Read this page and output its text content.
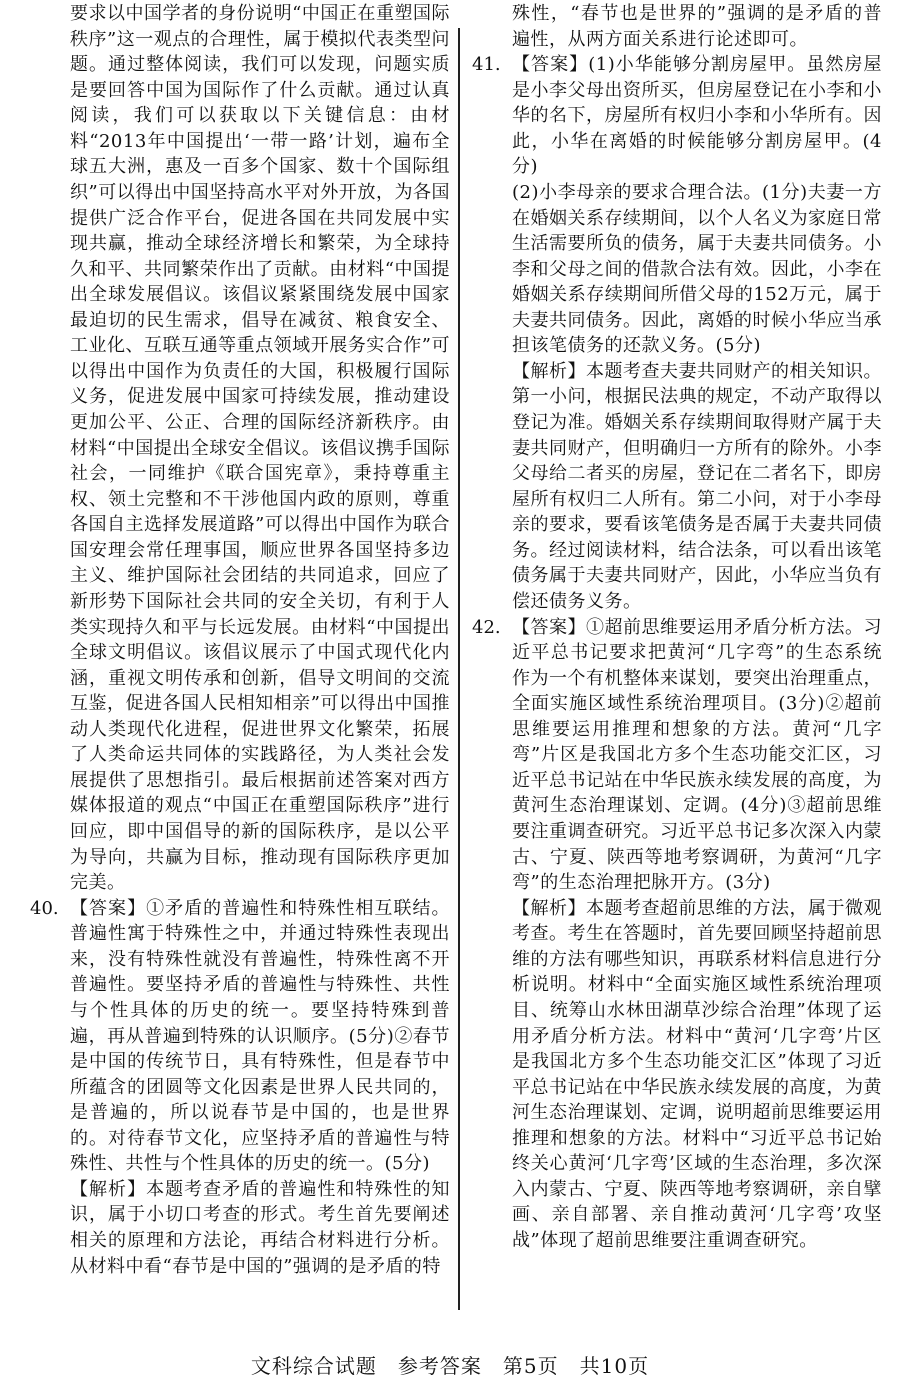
要求以中国学者的身份说明“中国正在重塑国际秩序”这一观点的合理性，属于模拟代表类型问题。通过整体阅读，我们可以发现，问题实质是要回答中国为国际作了什么贡献。通过认真阅读，我们可以获取以下关键信息：由材料“2013年中国提出‘一带一路’计划，遍布全球五大洲，惠及一百多个国家、数十个国际组织”可以得出中国坚持高水平对外开放，为各国提供广泛合作平台，促进各国在共同发展中实现共赢，推动全球经济增长和繁荣，为全球持久和平、共同繁荣作出了贡献。由材料“中国提出全球发展倡议。该倡议紧紧围绕发展中国家最迫切的民生需求，倡导在减贫、粮食安全、工业化、互联互通等重点领域开展务实合作”可以得出中国作为负责任的大国，积极履行国际义务，促进发展中国家可持续发展，推动建设更加公平、公正、合理的国际经济新秩序。由材料“中国提出全球安全倡议。该倡议携手国际社会，一同维护《联合国宪章》，秉持尊重主权、领土完整和不干涉他国内政的原则，尊重各国自主选择发展道路”可以得出中国作为联合国安理会常任理事国，顺应世界各国坚持多边主义、维护国际社会团结的共同追求，回应了新形势下国际社会共同的安全关切，有利于人类实现持久和平与长远发展。由材料“中国提出全球文明倡议。该倡议展示了中国式现代化内涵，重视文明传承和创新，倡导文明间的交流互鉴，促进各国人民相知相亲”可以得出中国推动人类现代化进程，促进世界文化繁荣，拓展了人类命运共同体的实践路径，为人类社会发展提供了思想指引。最后根据前述答案对西方媒体报道的观点“中国正在重塑国际秩序”进行回应，即中国倡导的新的国际秩序，是以公平为导向，共赢为目标，推动现有国际秩序更加完美。

40. 【答案】①矛盾的普遍性和特殊性相互联结。普遍性寓于特殊性之中，并通过特殊性表现出来，没有特殊性就没有普遍性，特殊性离不开普遍性。要坚持矛盾的普遍性与特殊性、共性与个性具体的历史的统一。要坚持特殊到普遍，再从普遍到特殊的认识顺序。(5分)②春节是中国的传统节日，具有特殊性，但是春节中所蕴含的团圆等文化因素是世界人民共同的，是普遍的，所以说春节是中国的，也是世界的。对待春节文化，应坚持矛盾的普遍性与特殊性、共性与个性具体的历史的统一。(5分)

【解析】本题考查矛盾的普遍性和特殊性的知识，属于小切口考查的形式。考生首先要阐述相关的原理和方法论，再结合材料进行分析。从材料中看“春节是中国的”强调的是矛盾的特

殊性，“春节也是世界的”强调的是矛盾的普遍性，从两方面关系进行论述即可。

41. 【答案】(1)小华能够分割房屋甲。虽然房屋是小李父母出资所买，但房屋登记在小李和小华的名下，房屋所有权归小李和小华所有。因此，小华在离婚的时候能够分割房屋甲。(4分)

(2)小李母亲的要求合理合法。(1分)夫妻一方在婚姻关系存续期间，以个人名义为家庭日常生活需要所负的债务，属于夫妻共同债务。小李和父母之间的借款合法有效。因此，小李在婚姻关系存续期间所借父母的152万元，属于夫妻共同债务。因此，离婚的时候小华应当承担该笔债务的还款义务。(5分)

【解析】本题考查夫妻共同财产的相关知识。第一小问，根据民法典的规定，不动产取得以登记为准。婚姻关系存续期间取得财产属于夫妻共同财产，但明确归一方所有的除外。小李父母给二者买的房屋，登记在二者名下，即房屋所有权归二人所有。第二小问，对于小李母亲的要求，要看该笔债务是否属于夫妻共同债务。经过阅读材料，结合法条，可以看出该笔债务属于夫妻共同财产，因此，小华应当负有偿还债务义务。

42. 【答案】①超前思维要运用矛盾分析方法。习近平总书记要求把黄河“几字弯”的生态系统作为一个有机整体来谋划，要突出治理重点，全面实施区域性系统治理项目。(3分)②超前思维要运用推理和想象的方法。黄河“几字弯”片区是我国北方多个生态功能交汇区，习近平总书记站在中华民族永续发展的高度，为黄河生态治理谋划、定调。(4分)③超前思维要注重调查研究。习近平总书记多次深入内蒙古、宁夏、陕西等地考察调研，为黄河“几字弯”的生态治理把脉开方。(3分)

【解析】本题考查超前思维的方法，属于微观考查。考生在答题时，首先要回顾坚持超前思维的方法有哪些知识，再联系材料信息进行分析说明。材料中“全面实施区域性系统治理项目、统筹山水林田湖草沙综合治理”体现了运用矛盾分析方法。材料中“黄河‘几字弯’片区是我国北方多个生态功能交汇区”体现了习近平总书记站在中华民族永续发展的高度，为黄河生态治理谋划、定调，说明超前思维要运用推理和想象的方法。材料中“习近平总书记始终关心黄河‘几字弯’区域的生态治理，多次深入内蒙古、宁夏、陕西等地考察调研，亲自擘画、亲自部署、亲自推动黄河‘几字弯’攻坚战”体现了超前思维要注重调查研究。

文科综合试题　参考答案　第5页　共10页
